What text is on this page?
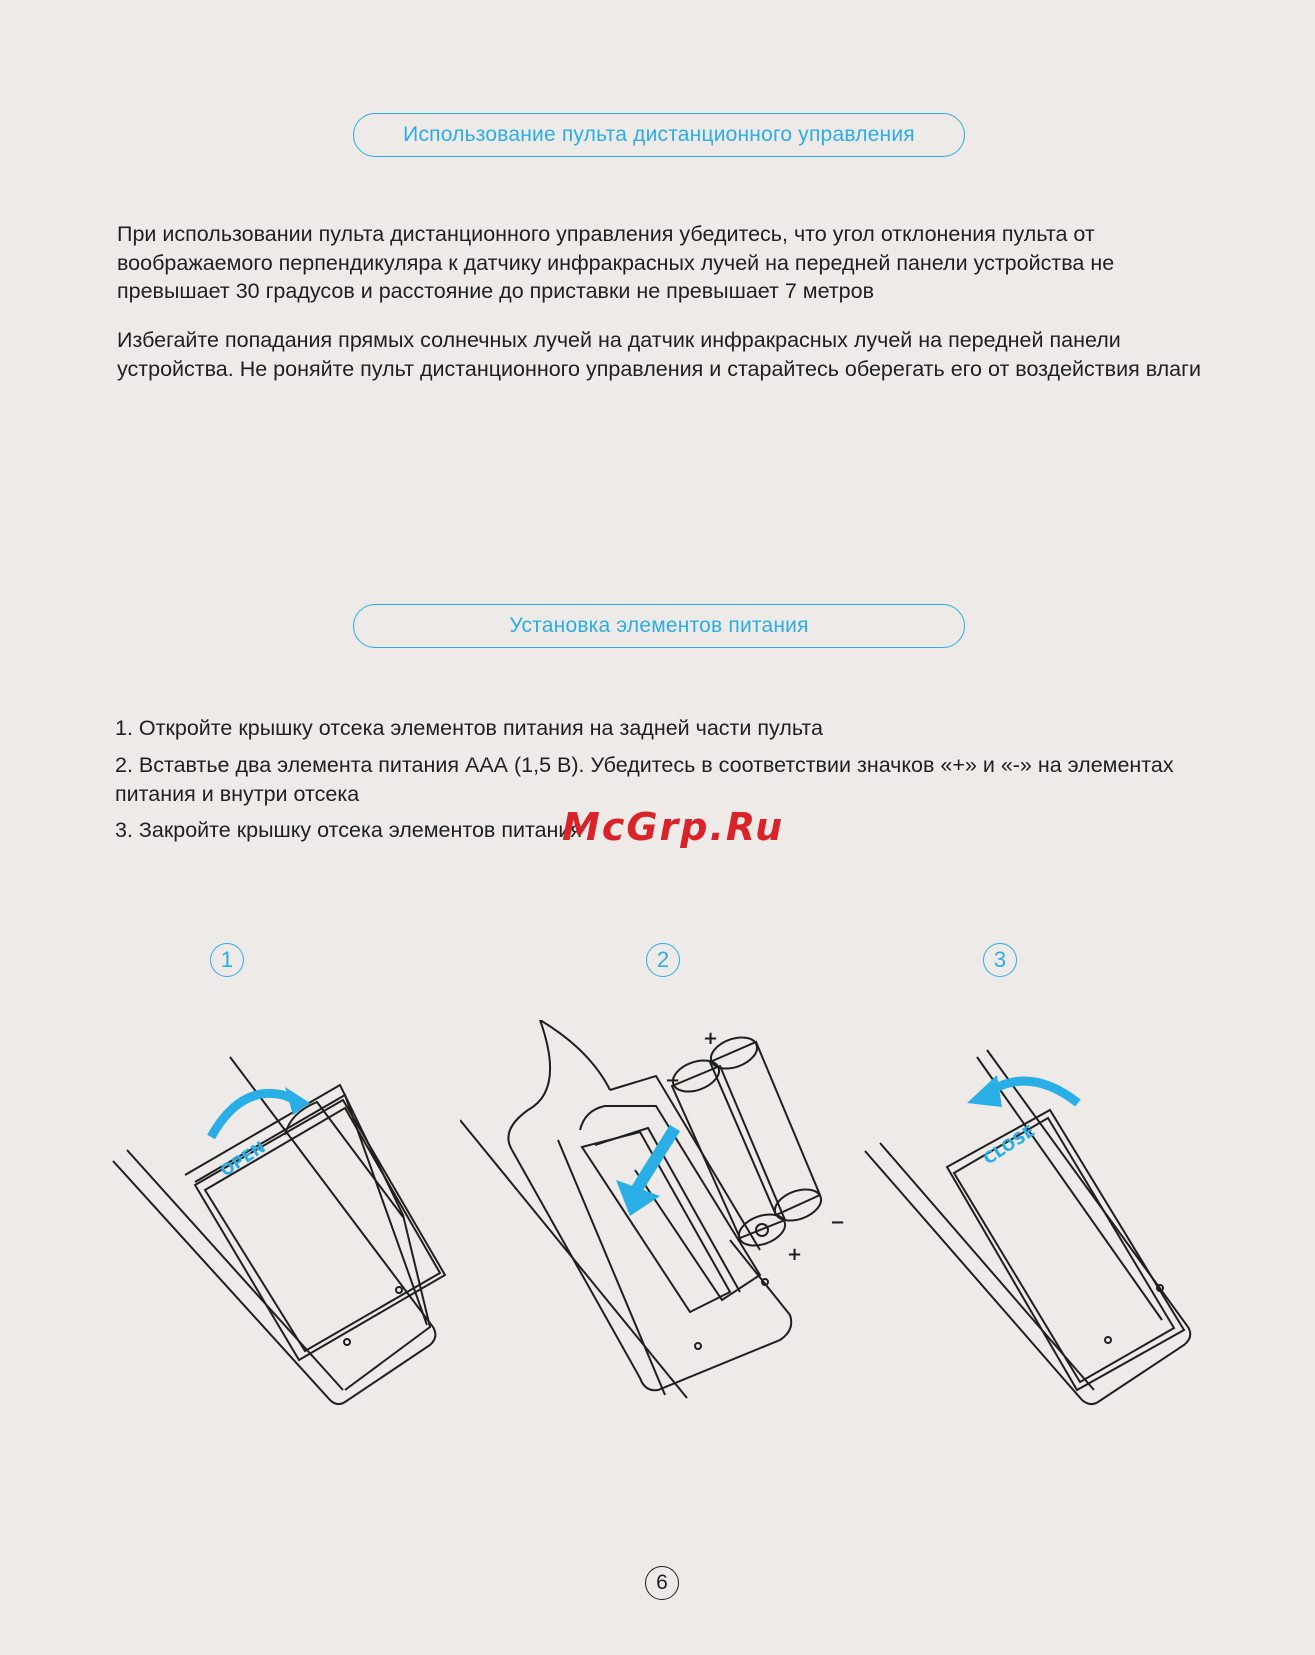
Использование пульта дистанционного управления

При использовании пульта дистанционного управления убедитесь, что угол отклонения пульта от воображаемого перпендикуляра к датчику инфракрасных лучей на передней панели устройства не превышает 30 градусов и расстояние до приставки не превышает 7 метров

Избегайте попадания прямых солнечных лучей на датчик инфракрасных лучей на передней панели устройства. Не роняйте пульт дистанционного управления и старайтесь оберегать его от воздействия влаги

Установка элементов питания

1. Откройте крышку отсека элементов питания на задней части пульта

2. Вставтье два элемента питания ААА (1,5 В). Убедитесь в соответствии значков «+» и «-» на элементах питания и внутри отсека

3. Закройте крышку отсека элементов питания

McGrp.Ru
1	2	3
OPEN
+
−
−
+
CLOSE
6
